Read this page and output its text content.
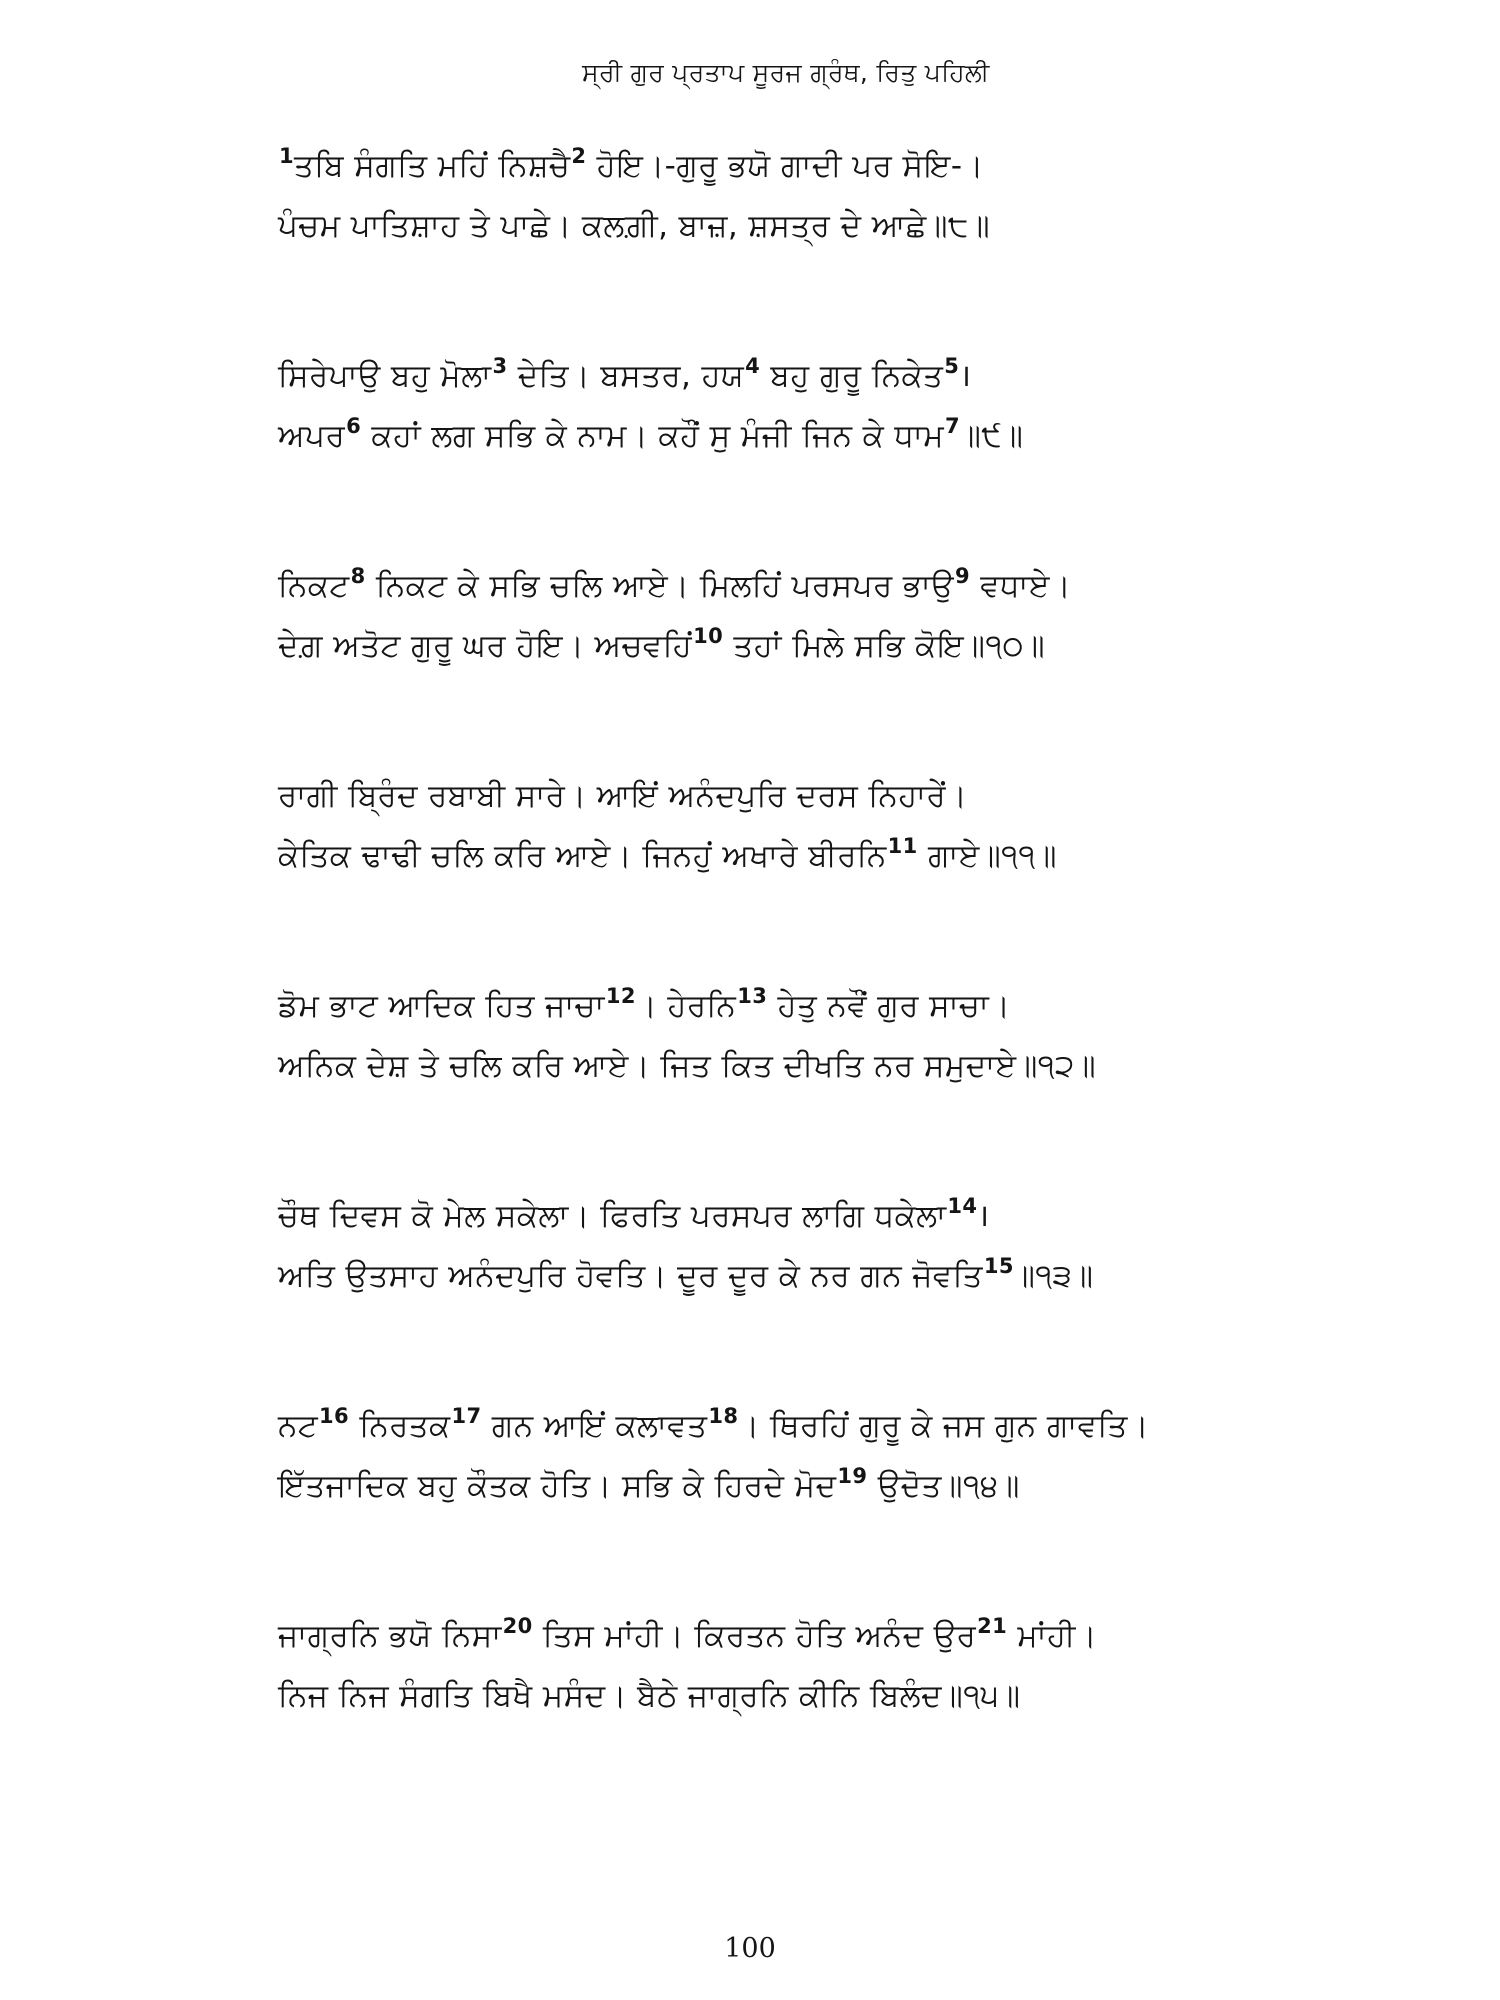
ਸ੍ਰੀ ਗੁਰ ਪ੍ਰਤਾਪ ਸੂਰਜ ਗ੍ਰੰਥ, ਰਿਤੁ ਪਹਿਲੀ
$^1$ਤਬਿ ਸੰਗਤਿ ਮਹਿਂ ਨਿਸ਼ਚੈ$^2$ ਹੋਇ।-ਗੁਰੂ ਭਯੋ ਗਾਦੀ ਪਰ ਸੋਇ-।
ਪੰਚਮ ਪਾਤਿਸ਼ਾਹ ਤੇ ਪਾਛੇ। ਕਲਗ਼ੀ, ਬਾਜ਼, ਸ਼ਸਤ੍ਰ ਦੇ ਆਛੇ॥੮॥
ਸਿਰੇਪਾਉ ਬਹੁ ਮੋਲਾ$^3$ ਦੇਤਿ। ਬਸਤਰ, ਹਯ$^4$ ਬਹੁ ਗੁਰੂ ਨਿਕੇਤ$^5$।
ਅਪਰ$^6$ ਕਹਾਂ ਲਗ ਸਭਿ ਕੇ ਨਾਮ। ਕਹੌਂ ਸੁ ਮੰਜੀ ਜਿਨ ਕੇ ਧਾਮ$^7$॥੯॥
ਨਿਕਟ$^8$ ਨਿਕਟ ਕੇ ਸਭਿ ਚਲਿ ਆਏ। ਮਿਲਹਿਂ ਪਰਸਪਰ ਭਾਉ$^9$ ਵਧਾਏ।
ਦੇਗ਼ ਅਤੋਟ ਗੁਰੂ ਘਰ ਹੋਇ। ਅਚਵਹਿਂ$^{10}$ ਤਹਾਂ ਮਿਲੇ ਸਭਿ ਕੋਇ॥੧੦॥
ਰਾਗੀ ਬ੍ਰਿੰਦ ਰਬਾਬੀ ਸਾਰੇ। ਆਇਂ ਅਨੰਦਪੁਰਿ ਦਰਸ ਨਿਹਾਰੇਂ।
ਕੇਤਿਕ ਢਾਢੀ ਚਲਿ ਕਰਿ ਆਏ। ਜਿਨਹੁਂ ਅਖਾਰੇ ਬੀਰਨਿ$^{11}$ ਗਾਏ॥੧੧॥
ਡੋਮ ਭਾਟ ਆਦਿਕ ਹਿਤ ਜਾਚਾ$^{12}$। ਹੇਰਨਿ$^{13}$ ਹੇਤੁ ਨਵੌਂ ਗੁਰ ਸਾਚਾ।
ਅਨਿਕ ਦੇਸ਼ ਤੇ ਚਲਿ ਕਰਿ ਆਏ। ਜਿਤ ਕਿਤ ਦੀਖਤਿ ਨਰ ਸਮੁਦਾਏ॥੧੨॥
ਚੌਥ ਦਿਵਸ ਕੋ ਮੇਲ ਸਕੇਲਾ। ਫਿਰਤਿ ਪਰਸਪਰ ਲਾਗਿ ਧਕੇਲਾ$^{14}$।
ਅਤਿ ਉਤਸਾਹ ਅਨੰਦਪੁਰਿ ਹੋਵਤਿ। ਦੂਰ ਦੂਰ ਕੇ ਨਰ ਗਨ ਜੋਵਤਿ$^{15}$॥੧੩॥
ਨਟ$^{16}$ ਨਿਰਤਕ$^{17}$ ਗਨ ਆਇਂ ਕਲਾਵਤ$^{18}$। ਥਿਰਹਿਂ ਗੁਰੂ ਕੇ ਜਸ ਗੁਨ ਗਾਵਤਿ।
ਇੱਤਜਾਦਿਕ ਬਹੁ ਕੌਤਕ ਹੋਤਿ। ਸਭਿ ਕੇ ਹਿਰਦੇ ਮੋਦ$^{19}$ ਉਦੋਤ॥੧੪॥
ਜਾਗ੍ਰਨਿ ਭਯੋ ਨਿਸਾ$^{20}$ ਤਿਸ ਮਾਂਹੀ। ਕਿਰਤਨ ਹੋਤਿ ਅਨੰਦ ਉਰ$^{21}$ ਮਾਂਹੀ।
ਨਿਜ ਨਿਜ ਸੰਗਤਿ ਬਿਖੈ ਮਸੰਦ। ਬੈਠੇ ਜਾਗ੍ਰਨਿ ਕੀਨਿ ਬਿਲੰਦ॥੧੫॥
100
